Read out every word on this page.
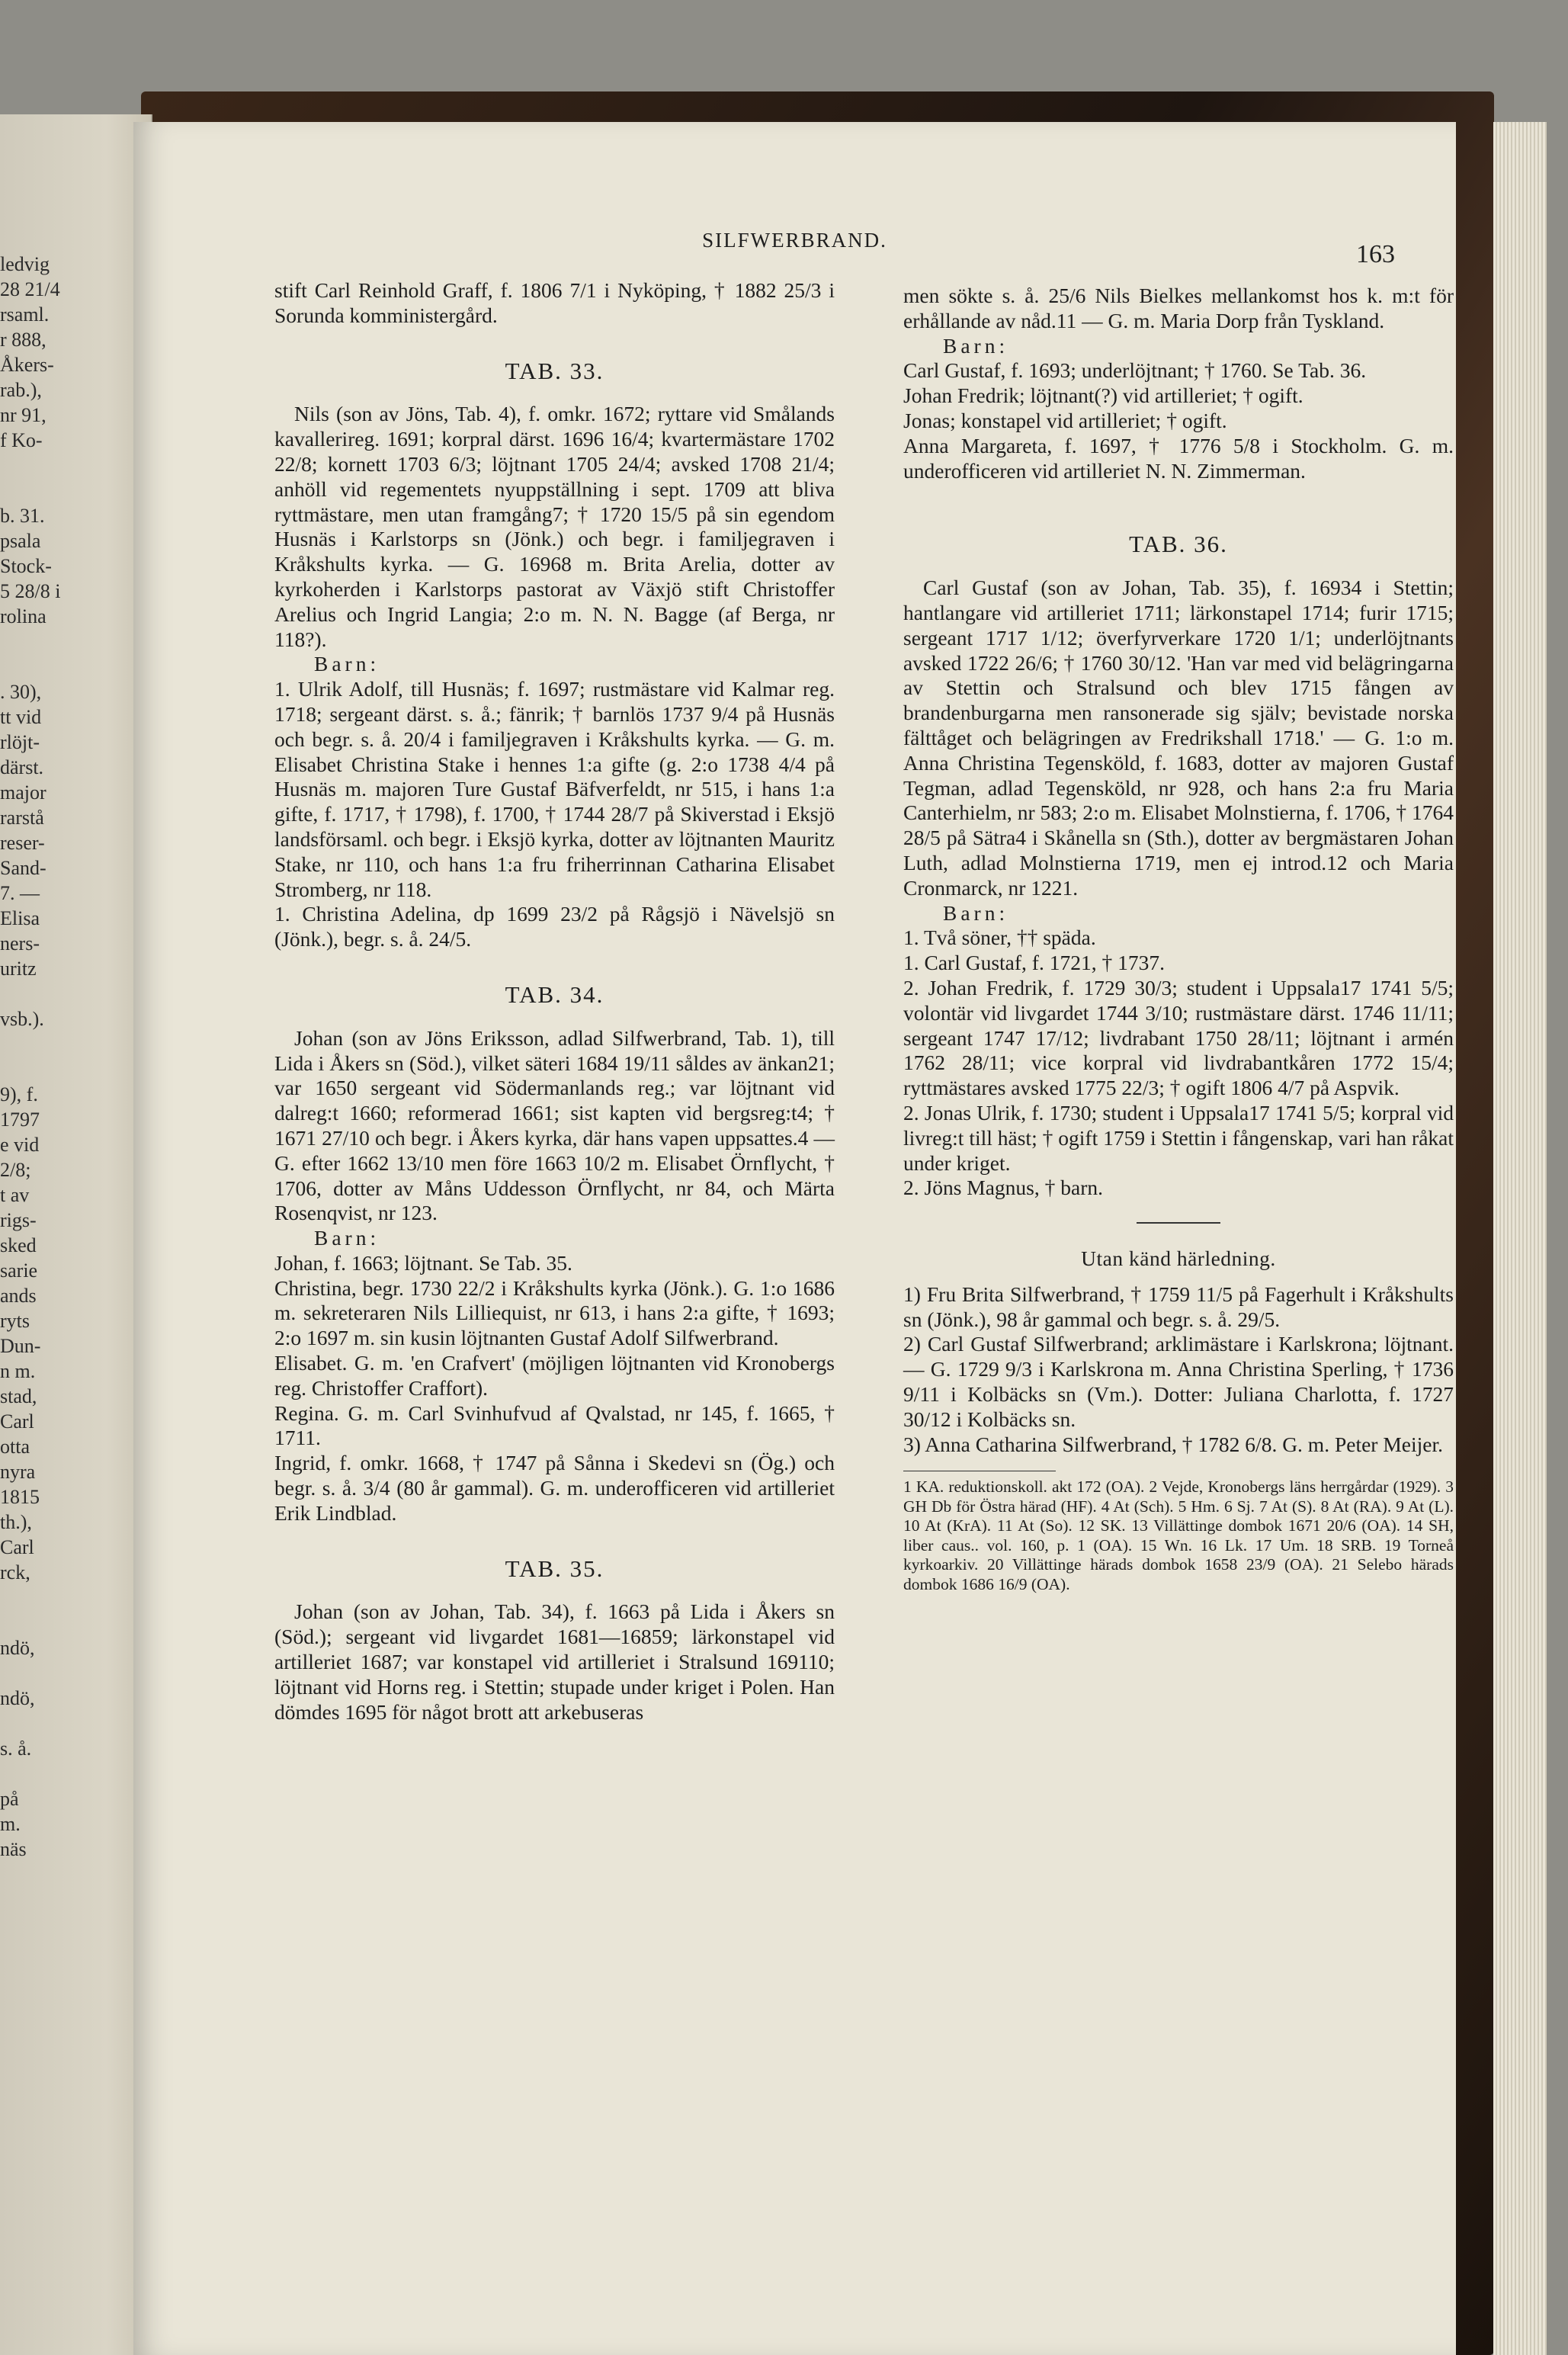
ledvig
28 21/4
rsaml.
r 888,
Åkers-
rab.),
nr 91,
f Ko-

b. 31.
psala
Stock-
5 28/8 i
rolina

. 30),
tt vid
rlöjt-
därst.
major
rarstå
reser-
Sand-
7. —
Elisa
ners-
uritz

vsb.).

9), f.
1797
e vid
2/8;
t av
rigs-
sked
sarie
ands
ryts
Dun-
n m.
stad,
Carl
otta
nyra
1815
th.),
Carl
rck,

ndö,

ndö,

s. å.

på
m.
näs
SILFWERBRAND.	163

stift Carl Reinhold Graff, f. 1806 7/1 i Nyköping, † 1882 25/3 i Sorunda komministergård.

TAB. 33.

Nils (son av Jöns, Tab. 4), f. omkr. 1672; ryttare vid Smålands kavallerireg. 1691; korpral därst. 1696 16/4; kvartermästare 1702 22/8; kornett 1703 6/3; löjtnant 1705 24/4; avsked 1708 21/4; anhöll vid regementets nyuppställning i sept. 1709 att bliva ryttmästare, men utan framgång7; † 1720 15/5 på sin egendom Husnäs i Karlstorps sn (Jönk.) och begr. i familjegraven i Kråkshults kyrka. — G. 16968 m. Brita Arelia, dotter av kyrkoherden i Karlstorps pastorat av Växjö stift Christoffer Arelius och Ingrid Langia; 2:o m. N. N. Bagge (af Berga, nr 118?).

Barn:

1. Ulrik Adolf, till Husnäs; f. 1697; rustmästare vid Kalmar reg. 1718; sergeant därst. s. å.; fänrik; † barnlös 1737 9/4 på Husnäs och begr. s. å. 20/4 i familjegraven i Kråkshults kyrka. — G. m. Elisabet Christina Stake i hennes 1:a gifte (g. 2:o 1738 4/4 på Husnäs m. majoren Ture Gustaf Bäfverfeldt, nr 515, i hans 1:a gifte, f. 1717, † 1798), f. 1700, † 1744 28/7 på Skiverstad i Eksjö landsförsaml. och begr. i Eksjö kyrka, dotter av löjtnanten Mauritz Stake, nr 110, och hans 1:a fru friherrinnan Catharina Elisabet Stromberg, nr 118.

1. Christina Adelina, dp 1699 23/2 på Rågsjö i Nävelsjö sn (Jönk.), begr. s. å. 24/5.

TAB. 34.

Johan (son av Jöns Eriksson, adlad Silfwerbrand, Tab. 1), till Lida i Åkers sn (Söd.), vilket säteri 1684 19/11 såldes av änkan21; var 1650 sergeant vid Södermanlands reg.; var löjtnant vid dalreg:t 1660; reformerad 1661; sist kapten vid bergsreg:t4; † 1671 27/10 och begr. i Åkers kyrka, där hans vapen uppsattes.4 — G. efter 1662 13/10 men före 1663 10/2 m. Elisabet Örnflycht, † 1706, dotter av Måns Uddesson Örnflycht, nr 84, och Märta Rosenqvist, nr 123.

Barn:

Johan, f. 1663; löjtnant. Se Tab. 35.

Christina, begr. 1730 22/2 i Kråkshults kyrka (Jönk.). G. 1:o 1686 m. sekreteraren Nils Lilliequist, nr 613, i hans 2:a gifte, † 1693; 2:o 1697 m. sin kusin löjtnanten Gustaf Adolf Silfwerbrand.

Elisabet. G. m. 'en Crafvert' (möjligen löjtnanten vid Kronobergs reg. Christoffer Craffort).

Regina. G. m. Carl Svinhufvud af Qvalstad, nr 145, f. 1665, † 1711.

Ingrid, f. omkr. 1668, † 1747 på Sånna i Skedevi sn (Ög.) och begr. s. å. 3/4 (80 år gammal). G. m. underofficeren vid artilleriet Erik Lindblad.

TAB. 35.

Johan (son av Johan, Tab. 34), f. 1663 på Lida i Åkers sn (Söd.); sergeant vid livgardet 1681—16859; lärkonstapel vid artilleriet 1687; var konstapel vid artilleriet i Stralsund 169110; löjtnant vid Horns reg. i Stettin; stupade under kriget i Polen. Han dömdes 1695 för något brott att arkebuseras

men sökte s. å. 25/6 Nils Bielkes mellankomst hos k. m:t för erhållande av nåd.11 — G. m. Maria Dorp från Tyskland.

Barn:

Carl Gustaf, f. 1693; underlöjtnant; † 1760. Se Tab. 36.

Johan Fredrik; löjtnant(?) vid artilleriet; † ogift.

Jonas; konstapel vid artilleriet; † ogift.

Anna Margareta, f. 1697, † 1776 5/8 i Stockholm. G. m. underofficeren vid artilleriet N. N. Zimmerman.

TAB. 36.

Carl Gustaf (son av Johan, Tab. 35), f. 16934 i Stettin; hantlangare vid artilleriet 1711; lärkonstapel 1714; furir 1715; sergeant 1717 1/12; överfyrverkare 1720 1/1; underlöjtnants avsked 1722 26/6; † 1760 30/12. 'Han var med vid belägringarna av Stettin och Stralsund och blev 1715 fången av brandenburgarna men ransonerade sig själv; bevistade norska fälttåget och belägringen av Fredrikshall 1718.' — G. 1:o m. Anna Christina Tegensköld, f. 1683, dotter av majoren Gustaf Tegman, adlad Tegensköld, nr 928, och hans 2:a fru Maria Canterhielm, nr 583; 2:o m. Elisabet Molnstierna, f. 1706, † 1764 28/5 på Sätra4 i Skånella sn (Sth.), dotter av bergmästaren Johan Luth, adlad Molnstierna 1719, men ej introd.12 och Maria Cronmarck, nr 1221.

Barn:

1. Två söner, †† späda.

1. Carl Gustaf, f. 1721, † 1737.

2. Johan Fredrik, f. 1729 30/3; student i Uppsala17 1741 5/5; volontär vid livgardet 1744 3/10; rustmästare därst. 1746 11/11; sergeant 1747 17/12; livdrabant 1750 28/11; löjtnant i armén 1762 28/11; vice korpral vid livdrabantkåren 1772 15/4; ryttmästares avsked 1775 22/3; † ogift 1806 4/7 på Aspvik.

2. Jonas Ulrik, f. 1730; student i Uppsala17 1741 5/5; korpral vid livreg:t till häst; † ogift 1759 i Stettin i fångenskap, vari han råkat under kriget.

2. Jöns Magnus, † barn.

Utan känd härledning.

1) Fru Brita Silfwerbrand, † 1759 11/5 på Fagerhult i Kråkshults sn (Jönk.), 98 år gammal och begr. s. å. 29/5.

2) Carl Gustaf Silfwerbrand; arklimästare i Karlskrona; löjtnant. — G. 1729 9/3 i Karlskrona m. Anna Christina Sperling, † 1736 9/11 i Kolbäcks sn (Vm.). Dotter: Juliana Charlotta, f. 1727 30/12 i Kolbäcks sn.

3) Anna Catharina Silfwerbrand, † 1782 6/8. G. m. Peter Meijer.

1 KA. reduktionskoll. akt 172 (OA). 2 Vejde, Kronobergs läns herrgårdar (1929). 3 GH Db för Östra härad (HF). 4 At (Sch). 5 Hm. 6 Sj. 7 At (S). 8 At (RA). 9 At (L). 10 At (KrA). 11 At (So). 12 SK. 13 Villättinge dombok 1671 20/6 (OA). 14 SH, liber caus.. vol. 160, p. 1 (OA). 15 Wn. 16 Lk. 17 Um. 18 SRB. 19 Torneå kyrkoarkiv. 20 Villättinge härads dombok 1658 23/9 (OA). 21 Selebo härads dombok 1686 16/9 (OA).
